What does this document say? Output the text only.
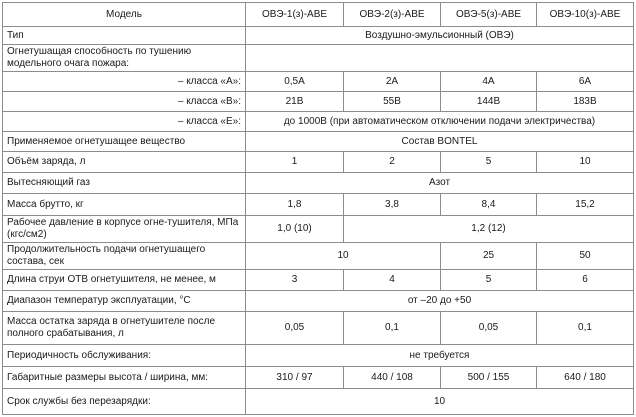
Модель	ОВЭ-1(з)-АВЕ	ОВЭ-2(з)-АВЕ	ОВЭ-5(з)-АВЕ	ОВЭ-10(з)-АВЕ
Тип	Воздушно-эмульсионный (ОВЭ)			
Огнетушащая способность по тушению модельного очага пожара:				
– класса «А»:	0,5А	2А	4А	6А
– класса «В»:	21В	55В	144В	183В
– класса «Е»:	до 1000В (при автоматическом отключении подачи электричества)			
Применяемое огнетушащее вещество	Состав BONTEL			
Объём заряда, л	1	2	5	10
Вытесняющий газ	Азот			
Масса брутто, кг	1,8	3,8	8,4	15,2
Рабочее давление в корпусе огне-тушителя, МПа (кгс/см2)	1,0 (10)	1,2 (12)		
Продолжительность подачи огнетушащего состава, сек	10		25	50
Длина струи ОТВ огнетушителя, не менее, м	3	4	5	6
Диапазон температур эксплуатации, °С	от –20 до +50			
Масса остатка заряда в огнетушителе после полного срабатывания, л	0,05	0,1	0,05	0,1
Периодичность обслуживания:	не требуется			
Габаритные размеры высота / ширина, мм:	310 / 97	440 / 108	500 / 155	640 / 180
Срок службы без перезарядки:	10			
